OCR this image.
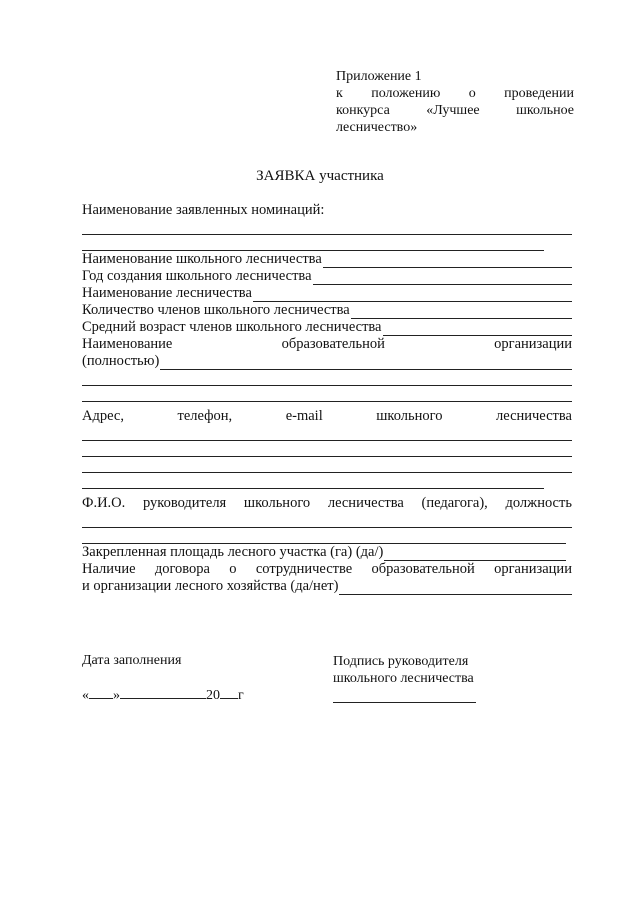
Приложение 1
к положению о проведении
конкурса	«Лучшее	школьное
лесничество»
ЗАЯВКА участника
Наименование заявленных номинаций:
Наименование школьного лесничества
Год создания школьного лесничества
Наименование лесничества
Количество членов школьного лесничества
Средний возраст членов школьного лесничества
Наименование	образовательной	организации
(полностью)
Адрес,	телефон,	e-mail	школьного	лесничества
Ф.И.О. руководителя школьного лесничества (педагога), должность
Закрепленная площадь лесного участка (га) (да/)
Наличие договора о сотрудничестве образовательной организации
и организации лесного хозяйства (да/нет)
Дата заполнения
« »	20 г
Подпись руководителя
школьного лесничества
